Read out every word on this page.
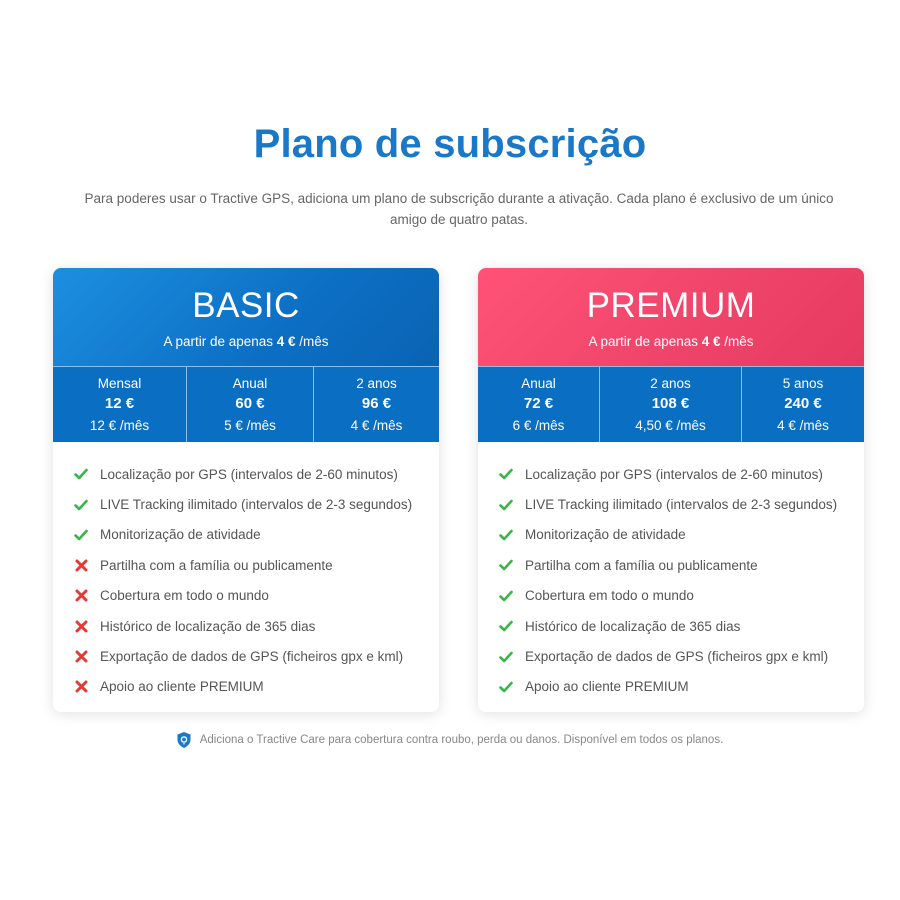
Plano de subscrição

Para poderes usar o Tractive GPS, adiciona um plano de subscrição durante a ativação. Cada plano é exclusivo de um único amigo de quatro patas.

BASIC
A partir de apenas 4 € /mês
Mensal
12 €
12 € /mês
Anual
60 €
5 € /mês
2 anos
96 €
4 € /mês
Localização por GPS (intervalos de 2-60 minutos)
LIVE Tracking ilimitado (intervalos de 2-3 segundos)
Monitorização de atividade
Partilha com a família ou publicamente
Cobertura em todo o mundo
Histórico de localização de 365 dias
Exportação de dados de GPS (ficheiros gpx e kml)
Apoio ao cliente PREMIUM
PREMIUM
A partir de apenas 4 € /mês
Anual
72 €
6 € /mês
2 anos
108 €
4,50 € /mês
5 anos
240 €
4 € /mês
Localização por GPS (intervalos de 2-60 minutos)
LIVE Tracking ilimitado (intervalos de 2-3 segundos)
Monitorização de atividade
Partilha com a família ou publicamente
Cobertura em todo o mundo
Histórico de localização de 365 dias
Exportação de dados de GPS (ficheiros gpx e kml)
Apoio ao cliente PREMIUM
Adiciona o Tractive Care para cobertura contra roubo, perda ou danos. Disponível em todos os planos.
